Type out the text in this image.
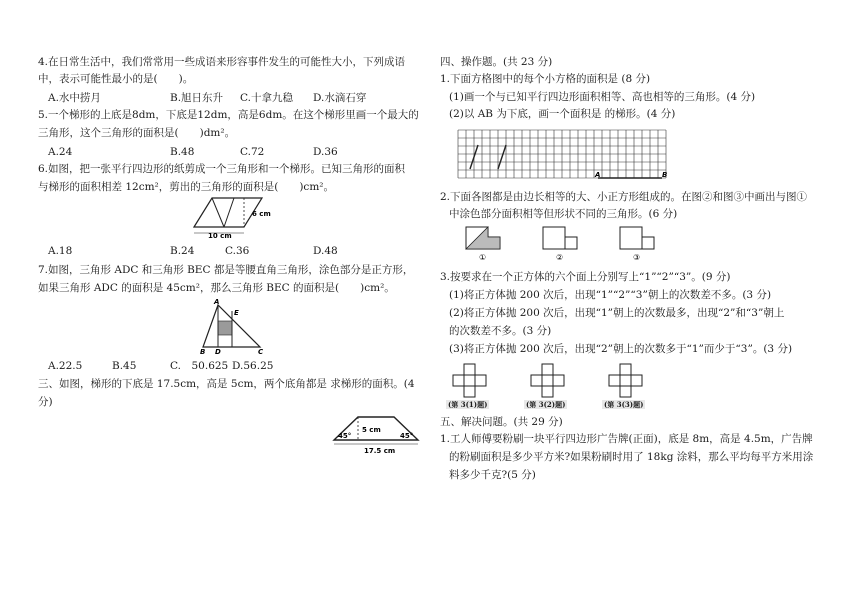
4.在日常生活中，我们常常用一些成语来形容事件发生的可能性大小，下列成语
中，表示可能性最小的是(　　)。
A.水中捞月	B.旭日东升 C.十拿九稳 D.水滴石穿
5.一个梯形的上底是8dm，下底是12dm，高是6dm。在这个梯形里画一个最大的
三角形，这个三角形的面积是(　　)dm²。
A.24	B.48	C.72	D.36
6.如图，把一张平行四边形的纸剪成一个三角形和一个梯形。已知三角形的面积
与梯形的面积相差 12cm²，剪出的三角形的面积是(　　)cm²。
6 cm
10 cm
A.18	B.24	C.36	D.48
7.如图，三角形 ADC 和三角形 BEC 都是等腰直角三角形，涂色部分是正方形，
如果三角形 ADC 的面积是 45cm²，那么三角形 BEC 的面积是(　　)cm²。
A
E
B D	C
A.22.5	B.45	C.　50.625 D.56.25
三、如图，梯形的下底是 17.5cm，高是 5cm，两个底角都是 求梯形的面积。(4
分)
45°	45°
5 cm
17.5 cm
四、操作题。(共 23 分)
1.下面方格图中的每个小方格的面积是 (8 分)
(1)画一个与已知平行四边形面积相等、高也相等的三角形。(4 分)
(2)以 AB 为下底，画一个面积是 的梯形。(4 分)
A	B
2.下面各图都是由边长相等的大、小正方形组成的。在图②和图③中画出与图①
中涂色部分面积相等但形状不同的三角形。(6 分)
①	②	③
3.按要求在一个正方体的六个面上分别写上“1”“2”“3”。(9 分)
(1)将正方体抛 200 次后，出现“1”“2”“3”朝上的次数差不多。(3 分)
(2)将正方体抛 200 次后，出现“1”朝上的次数最多，出现“2”和“3”朝上
的次数差不多。(3 分)
(3)将正方体抛 200 次后，出现“2”朝上的次数多于“1”而少于“3”。(3 分)
(第 3(1)题)	(第 3(2)题)	(第 3(3)题)
五、解决问题。(共 29 分)
1.工人师傅要粉刷一块平行四边形广告牌(正面)，底是 8m，高是 4.5m，广告牌
的粉刷面积是多少平方米?如果粉刷时用了 18kg 涂料，那么平均每平方米用涂
料多少千克?(5 分)
